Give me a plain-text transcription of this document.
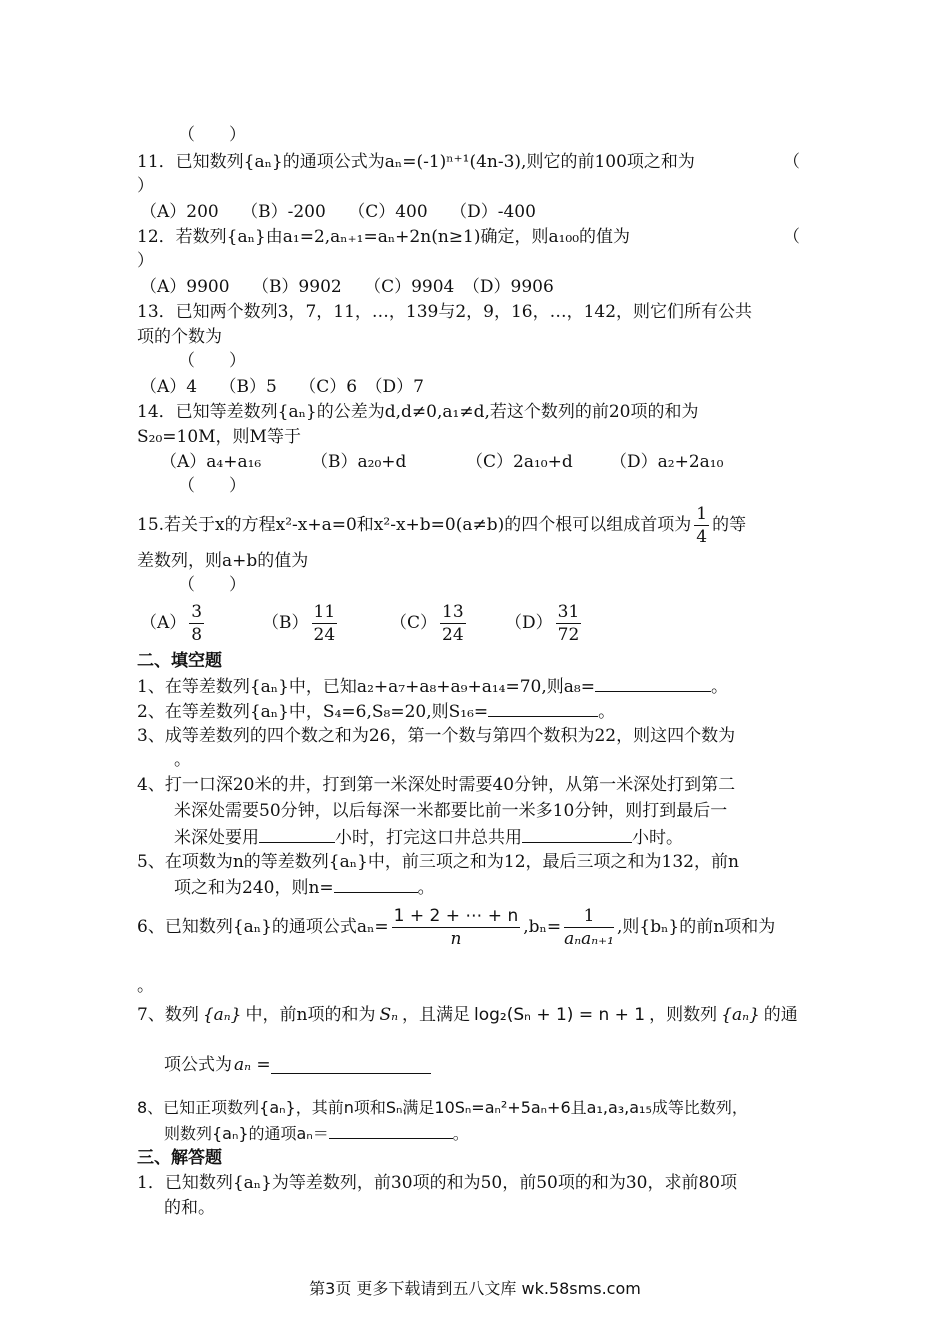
（　　）
11．已知数列{aₙ}的通项公式为aₙ=(-1)ⁿ⁺¹(4n-3),则它的前100项之和为	（
）
（A）200　 （B）-200　 （C）400　 （D）-400
12．若数列{aₙ}由a₁=2,aₙ₊₁=aₙ+2n(n≥1)确定，则a₁₀₀的值为	（
）
（A）9900　 （B）9902　 （C）9904　（D）9906
13．已知两个数列3，7，11，…，139与2，9，16，…，142，则它们所有公共
项的个数为
（　　）
（A）4　 （B）5　 （C）6　（D）7
14．已知等差数列{aₙ}的公差为d,d≠0,a₁≠d,若这个数列的前20项的和为
S₂₀=10M，则M等于
（A）a₄+a₁₆	（B）a₂₀+d	（C）2a₁₀+d （D）a₂+2a₁₀
（　　）
15.若关于x的方程x²-x+a=0和x²-x+b=0(a≠b)的四个根可以组成首项为 $\frac{1}{4}$ 的等
差数列，则a+b的值为
（　　）
$(A) \frac{3}{8}$	$(B) \frac{11}{24}$	$(C) \frac{13}{24} (D) \frac{31}{72}$
二、填空题
1、在等差数列{aₙ}中，已知a₂+a₇+a₈+a₉+a₁₄=70,则a₈=	。
2、在等差数列{aₙ}中，S₄=6,S₈=20,则S₁₆=	。
3、成等差数列的四个数之和为26，第一个数与第四个数积为22，则这四个数为
。
4、打一口深20米的井，打到第一米深处时需要40分钟，从第一米深处打到第二
米深处需要50分钟，以后每深一米都要比前一米多10分钟，则打到最后一
米深处要用	小时，打完这口井总共用	小时。
5、在项数为n的等差数列{aₙ}中，前三项之和为12，最后三项之和为132，前n
项之和为240，则n=	。
6、已知数列{aₙ}的通项公式$a_n= \frac{1 + 2 + \cdots + n}{n} ,b_n= \frac{1}{\text{aₙaₙ₊₁}}$ ,则{bₙ}的前n项和为
。
7、数列 {aₙ} 中，前n项的和为 Sₙ ，且满足 log₂(Sₙ + 1) = n + 1 ，则数列 {aₙ} 的通
项公式为 aₙ =
8、已知正项数列{aₙ}，其前n项和Sₙ满足10Sₙ=aₙ²+5aₙ+6且a₁,a₃,a₁₅成等比数列，
则数列{aₙ}的通项aₙ＝	。
三、解答题
1．已知数列{aₙ}为等差数列，前30项的和为50，前50项的和为30，求前80项
的和。
第3页 更多下载请到五八文库 wk.58sms.com
